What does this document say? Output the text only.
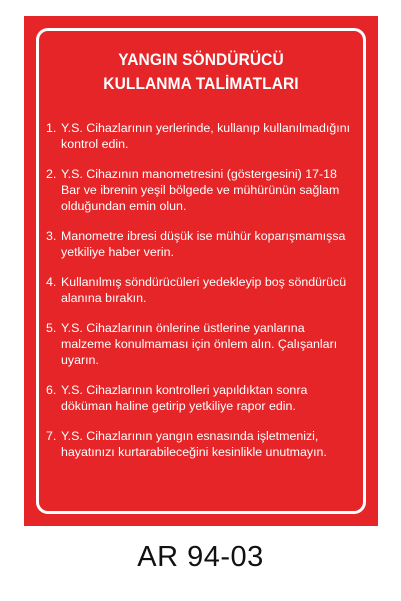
YANGIN SÖNDÜRÜCÜ
KULLANMA TALİMATLARI
1. Y.S. Cihazlarının yerlerinde, kullanıp kullanılmadığını kontrol edin.
2. Y.S. Cihazının manometresini (göstergesini) 17-18 Bar ve ibrenin yeşil bölgede ve mühürünün sağlam olduğundan emin olun.
3. Manometre ibresi düşük ise mühür koparışmamışsa yetkiliye haber verin.
4. Kullanılmış söndürücüleri yedekleyip boş söndürücü alanına bırakın.
5. Y.S. Cihazlarının önlerine üstlerine yanlarına malzeme konulmaması için önlem alın. Çalışanları uyarın.
6. Y.S. Cihazlarının kontrolleri yapıldıktan sonra döküman haline getirip yetkiliye rapor edin.
7. Y.S. Cihazlarının yangın esnasında işletmenizi, hayatınızı kurtarabileceğini kesinlikle unutmayın.
AR 94-03
